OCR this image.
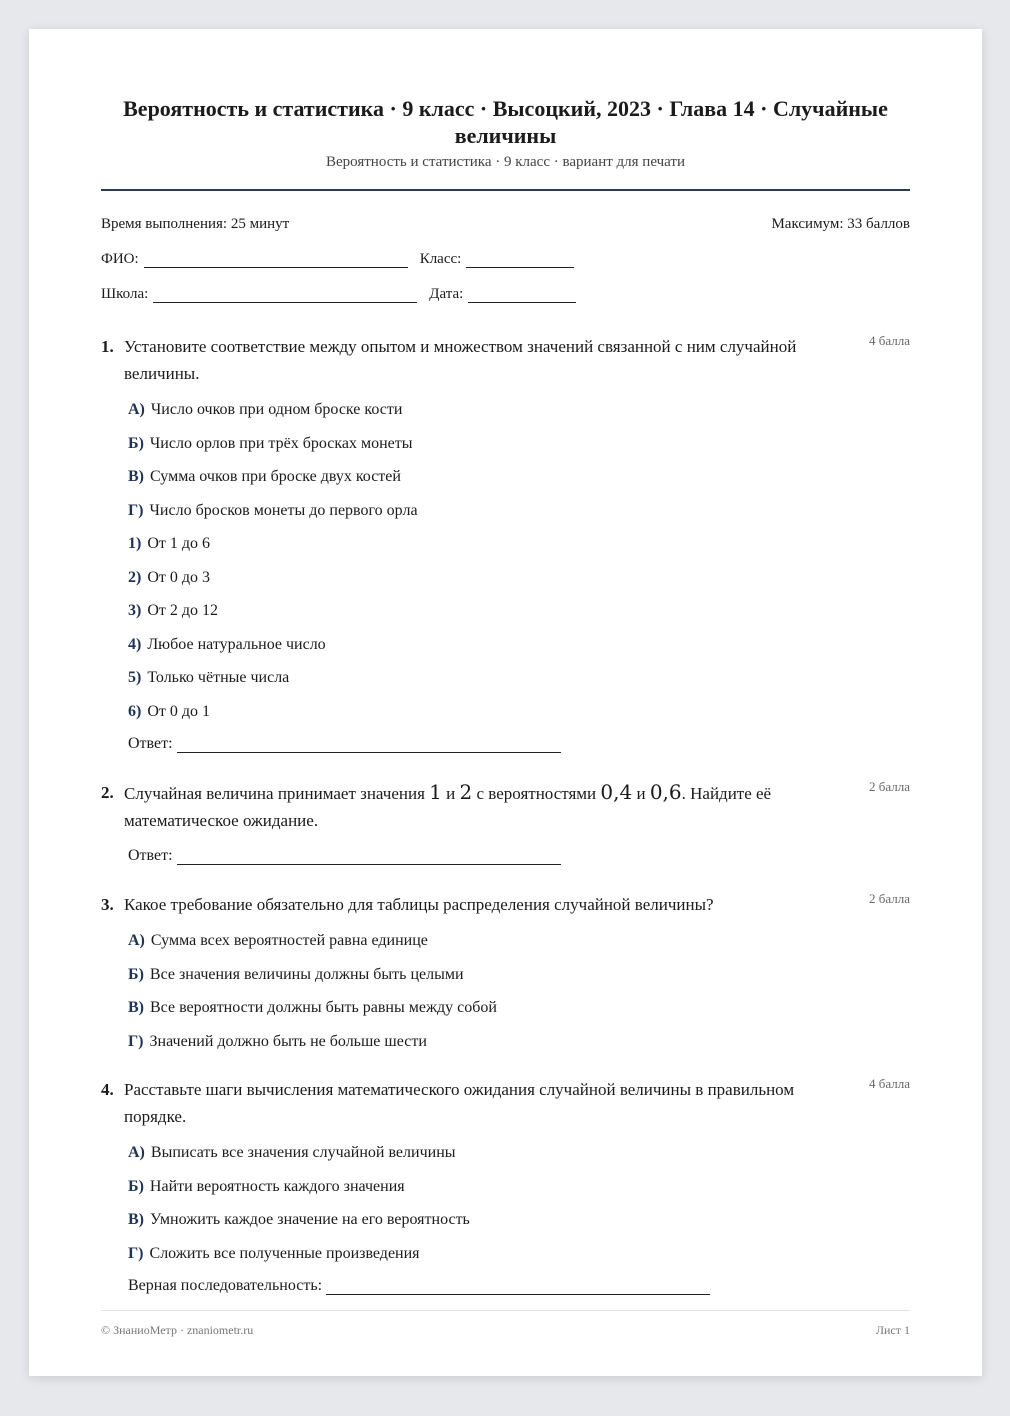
Вероятность и статистика · 9 класс · Высоцкий, 2023 · Глава 14 · Случайные величины
Вероятность и статистика · 9 класс · вариант для печати
Время выполнения: 25 минут	Максимум: 33 баллов
ФИО:	Класс:
Школа:	Дата:
1. Установите соответствие между опытом и множеством значений связанной с ним случайной величины.
4 балла
А) Число очков при одном броске кости
Б) Число орлов при трёх бросках монеты
В) Сумма очков при броске двух костей
Г) Число бросков монеты до первого орла
1) От 1 до 6
2) От 0 до 3
3) От 2 до 12
4) Любое натуральное число
5) Только чётные числа
6) От 0 до 1
Ответ:
2. Случайная величина принимает значения 1 и 2 с вероятностями 0,4 и 0,6. Найдите её математическое ожидание.
2 балла
Ответ:
3. Какое требование обязательно для таблицы распределения случайной величины?	2 балла
А) Сумма всех вероятностей равна единице
Б) Все значения величины должны быть целыми
В) Все вероятности должны быть равны между собой
Г) Значений должно быть не больше шести
4. Расставьте шаги вычисления математического ожидания случайной величины в правильном порядке.
4 балла
А) Выписать все значения случайной величины
Б) Найти вероятность каждого значения
В) Умножить каждое значение на его вероятность
Г) Сложить все полученные произведения
Верная последовательность:
© ЗнаниоМетр · znaniometr.ru	Лист 1
